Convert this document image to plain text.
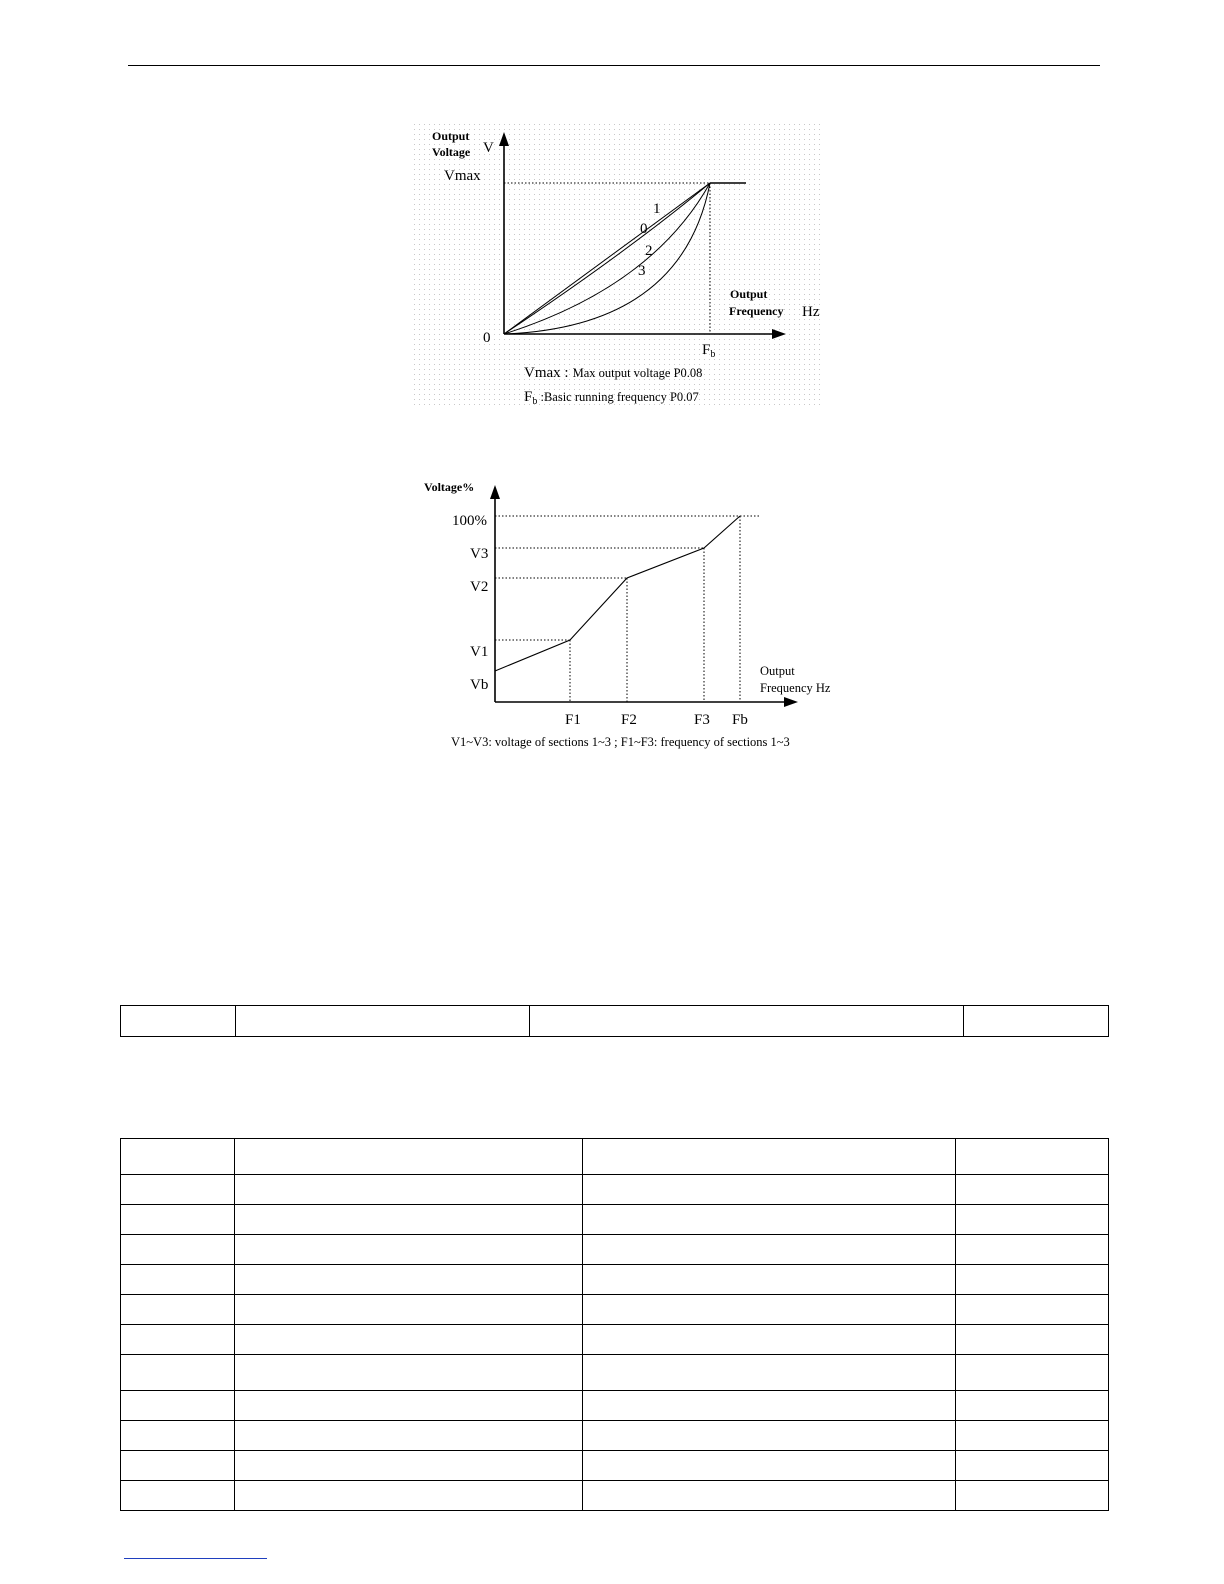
Output
Voltage V
Vmax
0
Output
Frequency Hz
$F_b$
0
1
2
3
Vmax : Max output voltage P0.08
$F_b$ :Basic running frequency P0.07
Voltage%
100%
V3
V2
V1
Vb
F1	F2	F3 Fb
Output
Frequency Hz
V1~V3: voltage of sections 1~3 ; F1~F3: frequency of sections 1~3
